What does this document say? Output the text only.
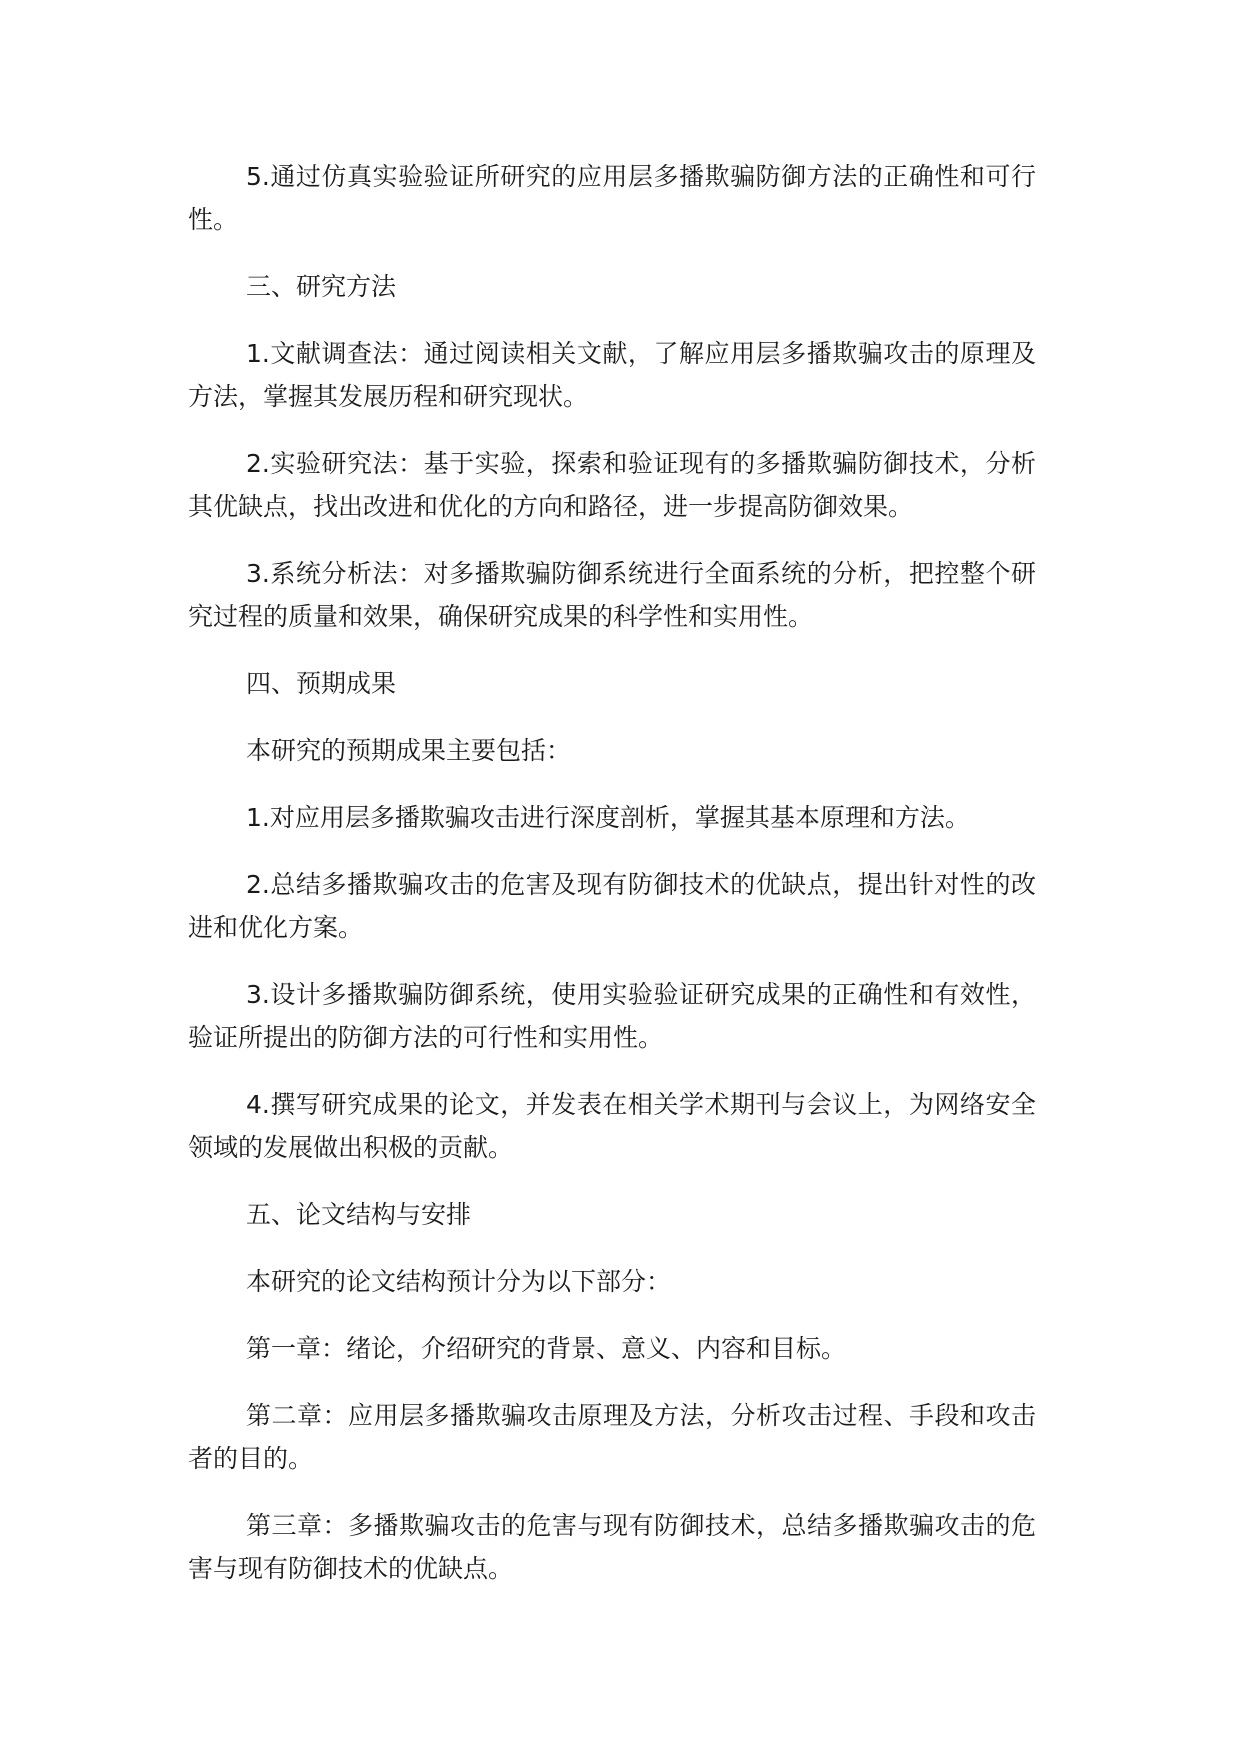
5.通过仿真实验验证所研究的应用层多播欺骗防御方法的正确性和可行性。

三、研究方法

1.文献调查法：通过阅读相关文献，了解应用层多播欺骗攻击的原理及方法，掌握其发展历程和研究现状。

2.实验研究法：基于实验，探索和验证现有的多播欺骗防御技术，分析其优缺点，找出改进和优化的方向和路径，进一步提高防御效果。

3.系统分析法：对多播欺骗防御系统进行全面系统的分析，把控整个研究过程的质量和效果，确保研究成果的科学性和实用性。

四、预期成果

本研究的预期成果主要包括：

1.对应用层多播欺骗攻击进行深度剖析，掌握其基本原理和方法。

2.总结多播欺骗攻击的危害及现有防御技术的优缺点，提出针对性的改进和优化方案。

3.设计多播欺骗防御系统，使用实验验证研究成果的正确性和有效性，验证所提出的防御方法的可行性和实用性。

4.撰写研究成果的论文，并发表在相关学术期刊与会议上，为网络安全领域的发展做出积极的贡献。

五、论文结构与安排

本研究的论文结构预计分为以下部分：

第一章：绪论，介绍研究的背景、意义、内容和目标。

第二章：应用层多播欺骗攻击原理及方法，分析攻击过程、手段和攻击者的目的。

第三章：多播欺骗攻击的危害与现有防御技术，总结多播欺骗攻击的危害与现有防御技术的优缺点。
